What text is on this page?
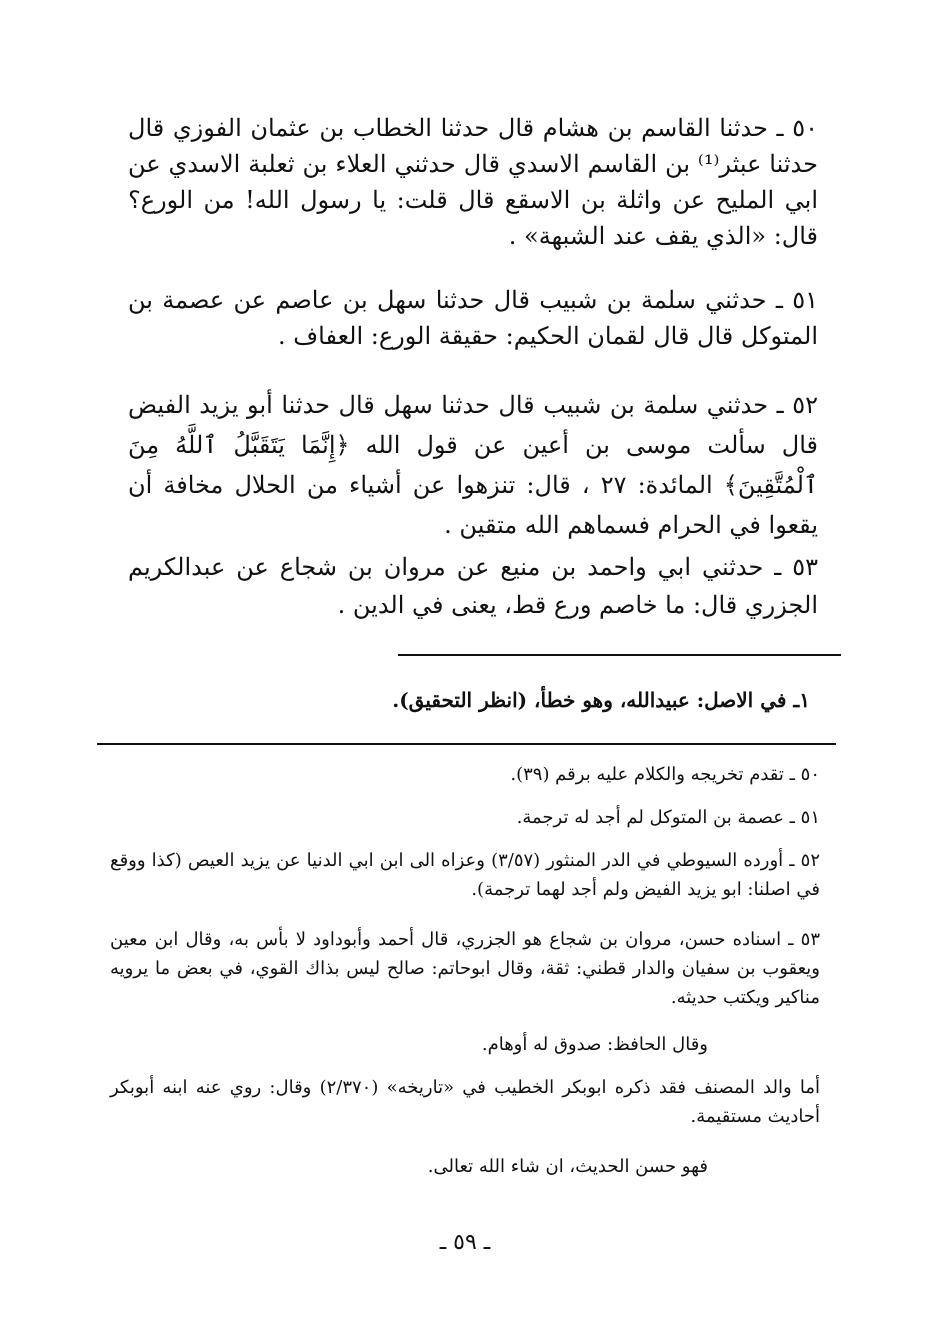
٥٠ ـ حدثنا القاسم بن هشام قال حدثنا الخطاب بن عثمان الفوزي قال حدثنا عبثر⁽¹⁾ بن القاسم الاسدي قال حدثني العلاء بن ثعلبة الاسدي عن ابي المليح عن واثلة بن الاسقع قال قلت: يا رسول الله! من الورع؟ قال: «الذي يقف عند الشبهة» .

٥١ ـ حدثني سلمة بن شبيب قال حدثنا سهل بن عاصم عن عصمة بن المتوكل قال قال لقمان الحكيم: حقيقة الورع: العفاف .

٥٢ ـ حدثني سلمة بن شبيب قال حدثنا سهل قال حدثنا أبو يزيد الفيض قال سألت موسى بن أعين عن قول الله ﴿إِنَّمَا يَتَقَبَّلُ ٱللَّهُ مِنَ ٱلْمُتَّقِينَ﴾ المائدة: ٢٧ ، قال: تنزهوا عن أشياء من الحلال مخافة أن يقعوا في الحرام فسماهم الله متقين .

٥٣ ـ حدثني ابي واحمد بن منيع عن مروان بن شجاع عن عبدالكريم الجزري قال: ما خاصم ورع قط، يعنى في الدين .

١ـ في الاصل: عبيدالله، وهو خطأ، (انظر التحقيق).

٥٠ ـ تقدم تخريجه والكلام عليه برقم (٣٩).

٥١ ـ عصمة بن المتوكل لم أجد له ترجمة.

٥٢ ـ أورده السيوطي في الدر المنثور (٣/٥٧) وعزاه الى ابن ابي الدنيا عن يزيد العيص (كذا ووقع في اصلنا: ابو يزيد الفيض ولم أجد لهما ترجمة).

٥٣ ـ اسناده حسن، مروان بن شجاع هو الجزري، قال أحمد وأبوداود لا بأس به، وقال ابن معين ويعقوب بن سفيان والدار قطني: ثقة، وقال ابوحاتم: صالح ليس بذاك القوي، في بعض ما يرويه مناكير ويكتب حديثه.

وقال الحافظ: صدوق له أوهام.

أما والد المصنف فقد ذكره ابوبكر الخطيب في «تاريخه» (٢/٣٧٠) وقال: روي عنه ابنه أبوبكر أحاديث مستقيمة.

فهو حسن الحديث، ان شاء الله تعالى.

ـ ٥٩ ـ
